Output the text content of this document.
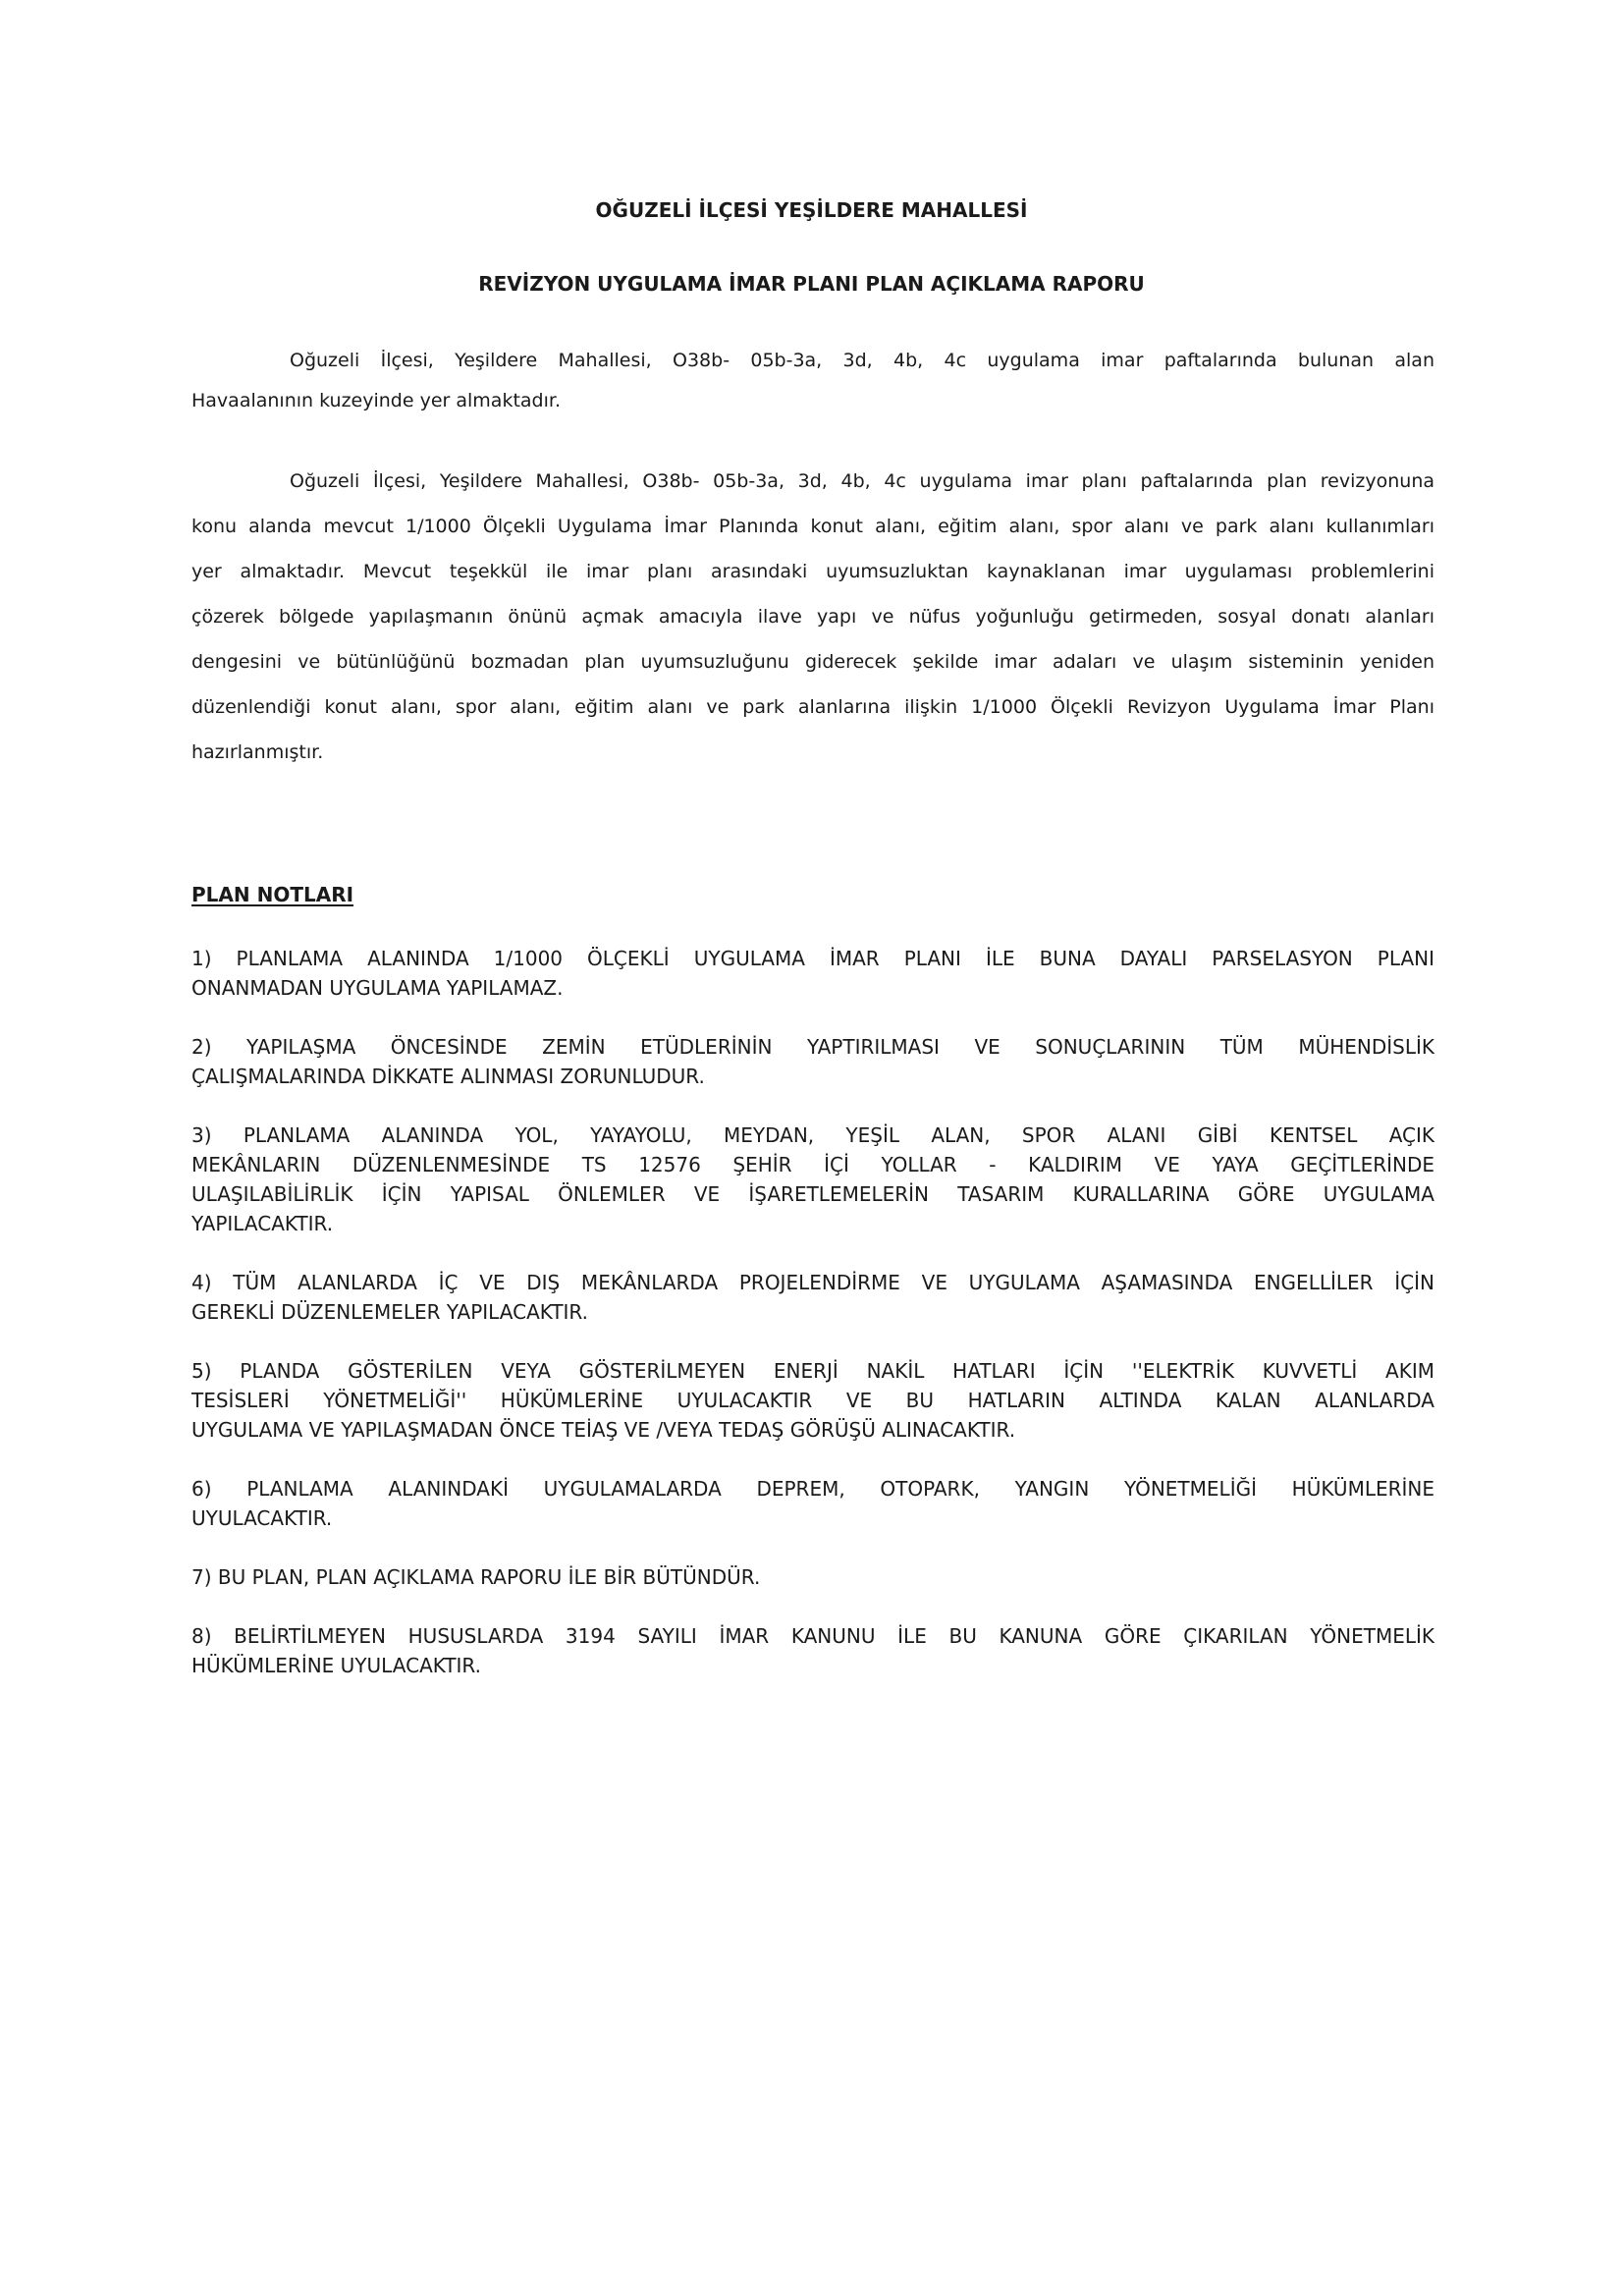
OĞUZELİ İLÇESİ YEŞİLDERE MAHALLESİ
REVİZYON UYGULAMA İMAR PLANI PLAN AÇIKLAMA RAPORU
Oğuzeli İlçesi, Yeşildere Mahallesi, O38b- 05b-3a, 3d, 4b, 4c uygulama imar paftalarında bulunan alan
Havaalanının kuzeyinde yer almaktadır.
Oğuzeli İlçesi, Yeşildere Mahallesi, O38b- 05b-3a, 3d, 4b, 4c uygulama imar planı paftalarında plan revizyonuna
konu alanda mevcut 1/1000 Ölçekli Uygulama İmar Planında konut alanı, eğitim alanı, spor alanı ve park alanı kullanımları
yer almaktadır. Mevcut teşekkül ile imar planı arasındaki uyumsuzluktan kaynaklanan imar uygulaması problemlerini
çözerek bölgede yapılaşmanın önünü açmak amacıyla ilave yapı ve nüfus yoğunluğu getirmeden, sosyal donatı alanları
dengesini ve bütünlüğünü bozmadan plan uyumsuzluğunu giderecek şekilde imar adaları ve ulaşım sisteminin yeniden
düzenlendiği konut alanı, spor alanı, eğitim alanı ve park alanlarına ilişkin 1/1000 Ölçekli Revizyon Uygulama İmar Planı
hazırlanmıştır.
PLAN NOTLARI
1) PLANLAMA ALANINDA 1/1000 ÖLÇEKLİ UYGULAMA İMAR PLANI İLE BUNA DAYALI PARSELASYON PLANI
ONANMADAN UYGULAMA YAPILAMAZ.
2) YAPILAŞMA ÖNCESİNDE ZEMİN ETÜDLERİNİN YAPTIRILMASI VE SONUÇLARININ TÜM MÜHENDİSLİK
ÇALIŞMALARINDA DİKKATE ALINMASI ZORUNLUDUR.
3) PLANLAMA ALANINDA YOL, YAYAYOLU, MEYDAN, YEŞİL ALAN, SPOR ALANI GİBİ KENTSEL AÇIK
MEKÂNLARIN DÜZENLENMESİNDE TS 12576 ŞEHİR İÇİ YOLLAR - KALDIRIM VE YAYA GEÇİTLERİNDE
ULAŞILABİLİRLİK İÇİN YAPISAL ÖNLEMLER VE İŞARETLEMELERİN TASARIM KURALLARINA GÖRE UYGULAMA
YAPILACAKTIR.
4) TÜM ALANLARDA İÇ VE DIŞ MEKÂNLARDA PROJELENDİRME VE UYGULAMA AŞAMASINDA ENGELLİLER İÇİN
GEREKLİ DÜZENLEMELER YAPILACAKTIR.
5) PLANDA GÖSTERİLEN VEYA GÖSTERİLMEYEN ENERJİ NAKİL HATLARI İÇİN ''ELEKTRİK KUVVETLİ AKIM
TESİSLERİ YÖNETMELİĞİ'' HÜKÜMLERİNE UYULACAKTIR VE BU HATLARIN ALTINDA KALAN ALANLARDA
UYGULAMA VE YAPILAŞMADAN ÖNCE TEİAŞ VE /VEYA TEDAŞ GÖRÜŞÜ ALINACAKTIR.
6) PLANLAMA ALANINDAKİ UYGULAMALARDA DEPREM, OTOPARK, YANGIN YÖNETMELİĞİ HÜKÜMLERİNE
UYULACAKTIR.
7) BU PLAN, PLAN AÇIKLAMA RAPORU İLE BİR BÜTÜNDÜR.
8) BELİRTİLMEYEN HUSUSLARDA 3194 SAYILI İMAR KANUNU İLE BU KANUNA GÖRE ÇIKARILAN YÖNETMELİK
HÜKÜMLERİNE UYULACAKTIR.
